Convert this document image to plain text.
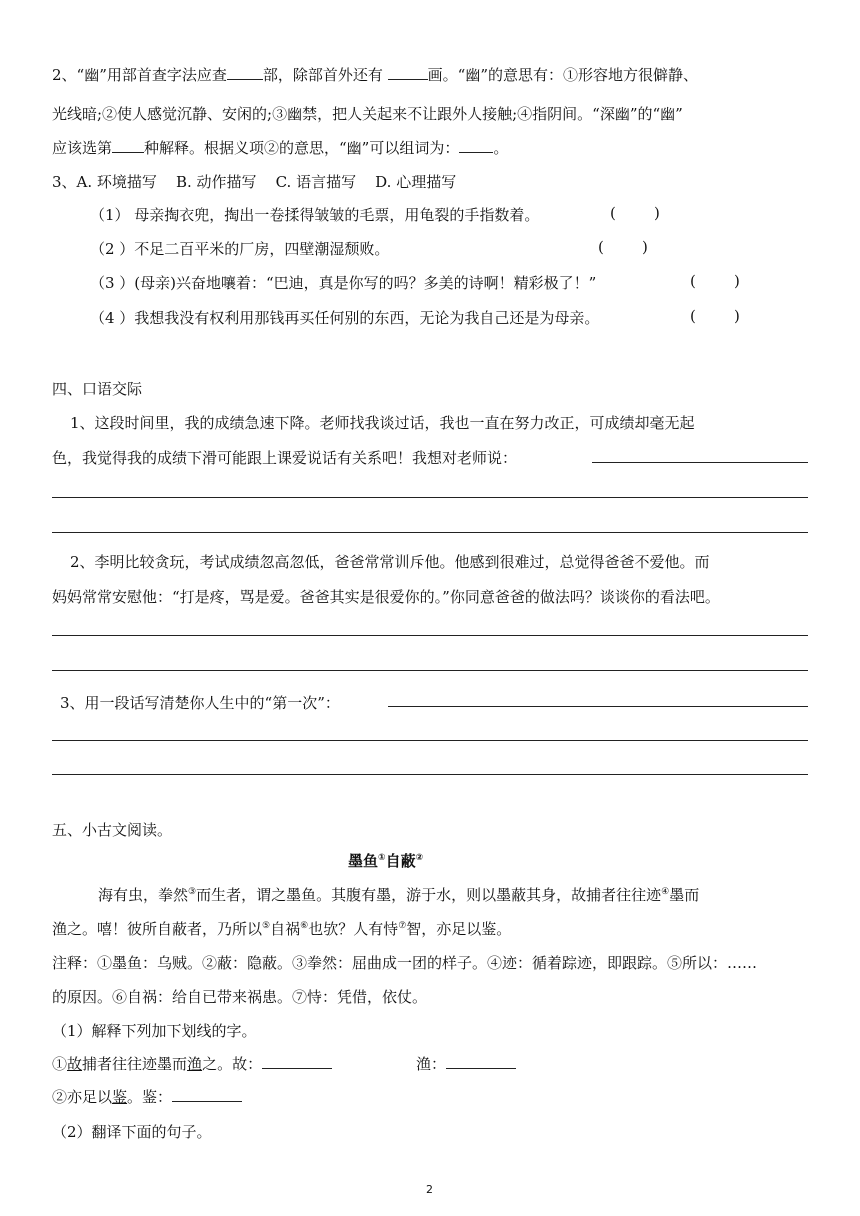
2、“幽”用部首查字法应查 部，除部首外还有	画。“幽”的意思有：①形容地方很僻静、
光线暗;②使人感觉沉静、安闲的;③幽禁，把人关起来不让跟外人接触;④指阴间。“深幽”的“幽”
应该选第 种解释。根据义项②的意思，“幽”可以组词为： 。
3、A. 环境描写    B. 动作描写    C. 语言描写    D. 心理描写
（1） 母亲掏衣兜，掏出一卷揉得皱皱的毛票，用龟裂的手指数着。	(        )
（2 ）不足二百平米的厂房，四壁潮湿颓败。	(        )
（3 ）(母亲)兴奋地嚷着：“巴迪，真是你写的吗？多美的诗啊！精彩极了！”	(        )
（4 ）我想我没有权利用那钱再买任何别的东西，无论为我自己还是为母亲。	(        )
四、口语交际
1、这段时间里，我的成绩急速下降。老师找我谈过话，我也一直在努力改正，可成绩却毫无起
色，我觉得我的成绩下滑可能跟上课爱说话有关系吧！我想对老师说：
2、李明比较贪玩，考试成绩忽高忽低，爸爸常常训斥他。他感到很难过，总觉得爸爸不爱他。而
妈妈常常安慰他：“打是疼，骂是爱。爸爸其实是很爱你的。”你同意爸爸的做法吗？谈谈你的看法吧。
3、用一段话写清楚你人生中的“第一次”：
五、小古文阅读。
墨鱼①自蔽②
海有虫，拳然③而生者，谓之墨鱼。其腹有墨，游于水，则以墨蔽其身，故捕者往往迹④墨而
渔之。嘻！彼所自蔽者，乃所以⑤自祸⑥也欤？人有恃⑦智，亦足以鉴。
注释：①墨鱼：乌贼。②蔽：隐蔽。③拳然：屈曲成一团的样子。④迹：循着踪迹，即跟踪。⑤所以：……
的原因。⑥自祸：给自已带来祸患。⑦恃：凭借，依仗。
（1）解释下列加下划线的字。
①故捕者往往迹墨而渔之。故：	渔：
②亦足以鉴。鉴：
（2）翻译下面的句子。
2
